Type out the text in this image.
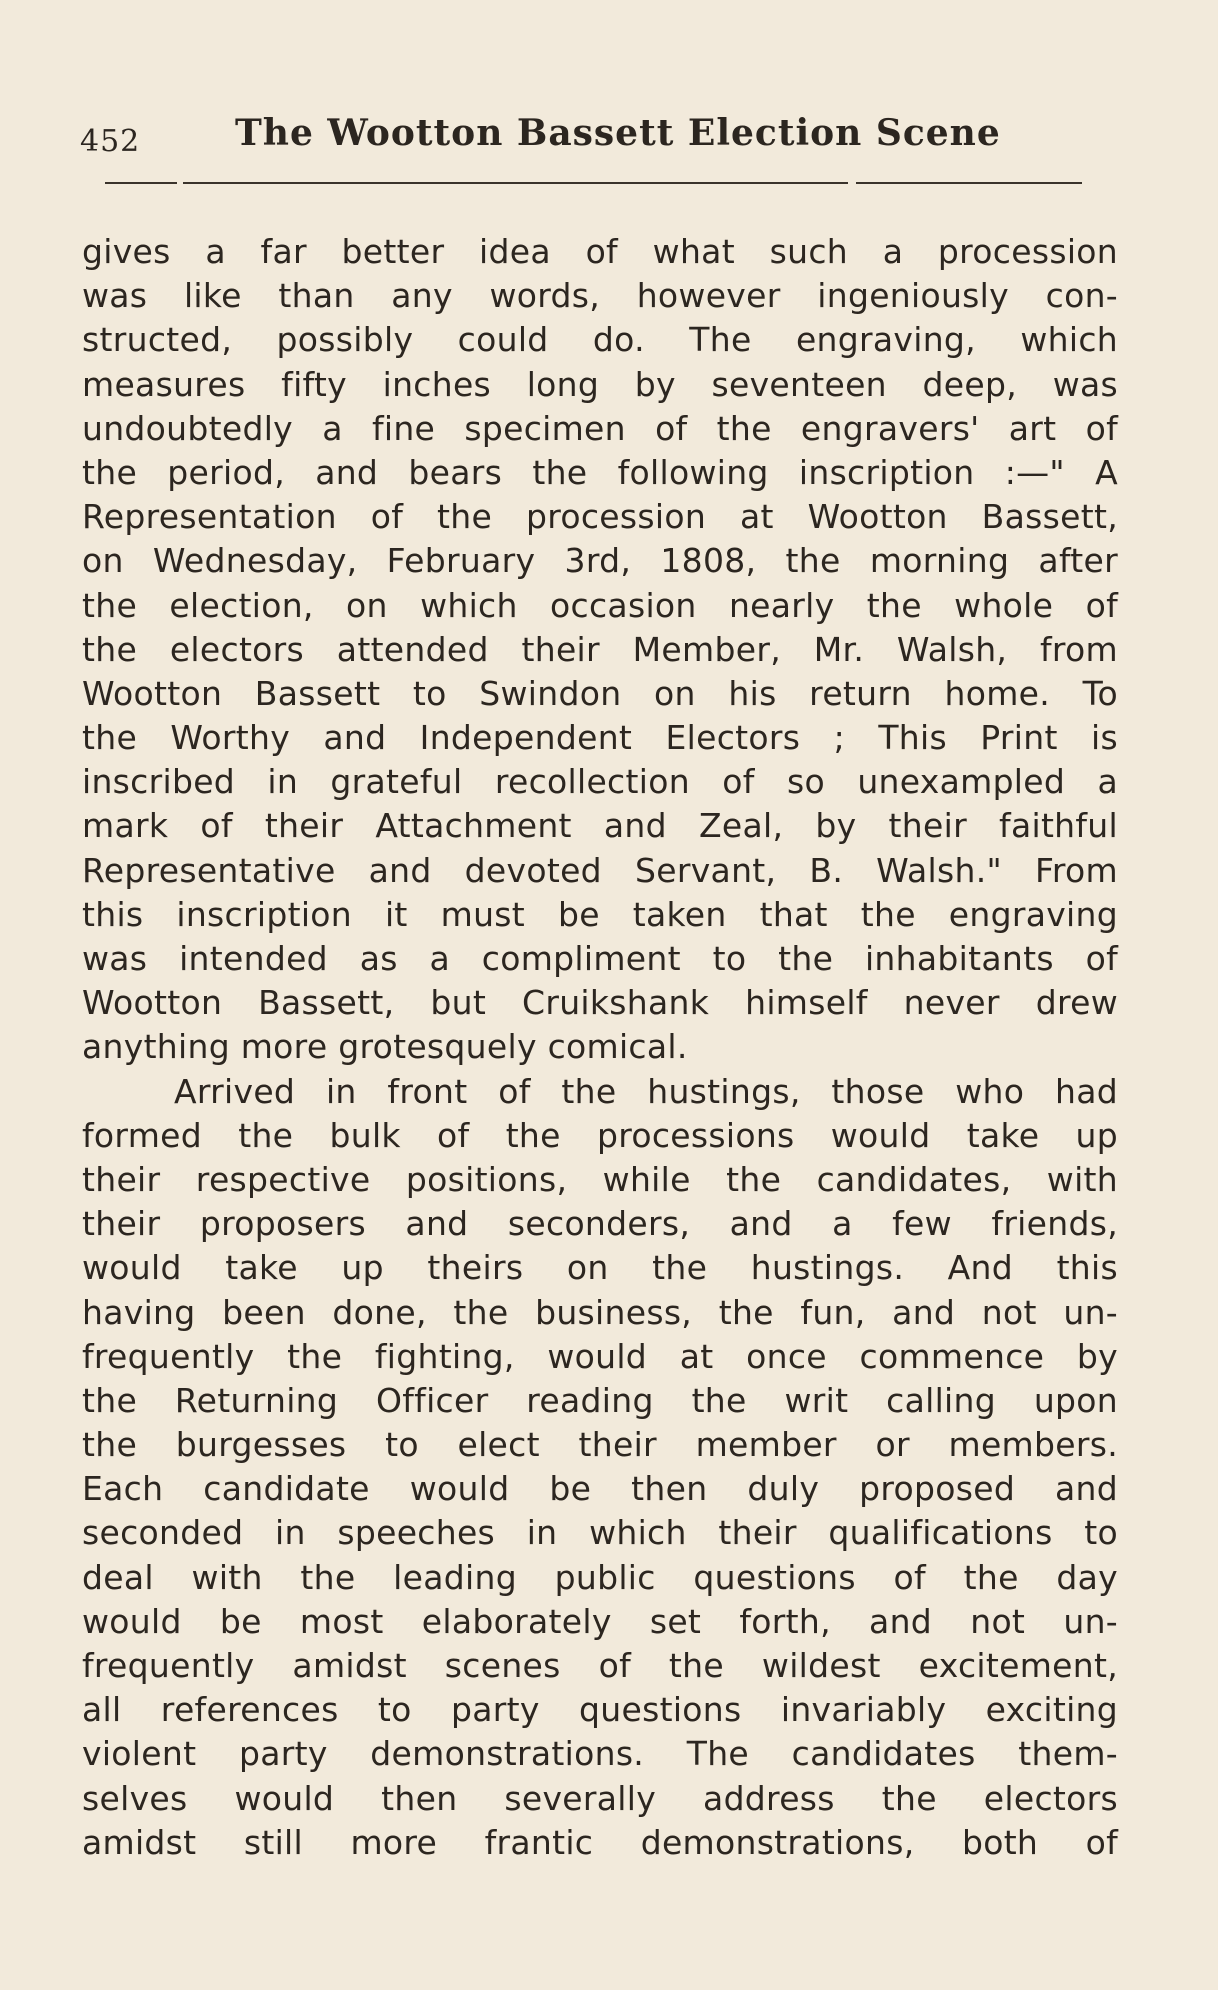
452	The Wootton Bassett Election Scene
gives a far better idea of what such a procession
was like than any words, however ingeniously con-
structed, possibly could do. The engraving, which
measures fifty inches long by seventeen deep, was
undoubtedly a fine specimen of the engravers' art of
the period, and bears the following inscription :—" A
Representation of the procession at Wootton Bassett,
on Wednesday, February 3rd, 1808, the morning after
the election, on which occasion nearly the whole of
the electors attended their Member, Mr. Walsh, from
Wootton Bassett to Swindon on his return home. To
the Worthy and Independent Electors ; This Print is
inscribed in grateful recollection of so unexampled a
mark of their Attachment and Zeal, by their faithful
Representative and devoted Servant, B. Walsh." From
this inscription it must be taken that the engraving
was intended as a compliment to the inhabitants of
Wootton Bassett, but Cruikshank himself never drew
anything more grotesquely comical.
Arrived in front of the hustings, those who had
formed the bulk of the processions would take up
their respective positions, while the candidates, with
their proposers and seconders, and a few friends,
would take up theirs on the hustings. And this
having been done, the business, the fun, and not un-
frequently the fighting, would at once commence by
the Returning Officer reading the writ calling upon
the burgesses to elect their member or members.
Each candidate would be then duly proposed and
seconded in speeches in which their qualifications to
deal with the leading public questions of the day
would be most elaborately set forth, and not un-
frequently amidst scenes of the wildest excitement,
all references to party questions invariably exciting
violent party demonstrations. The candidates them-
selves would then severally address the electors
amidst still more frantic demonstrations, both of
